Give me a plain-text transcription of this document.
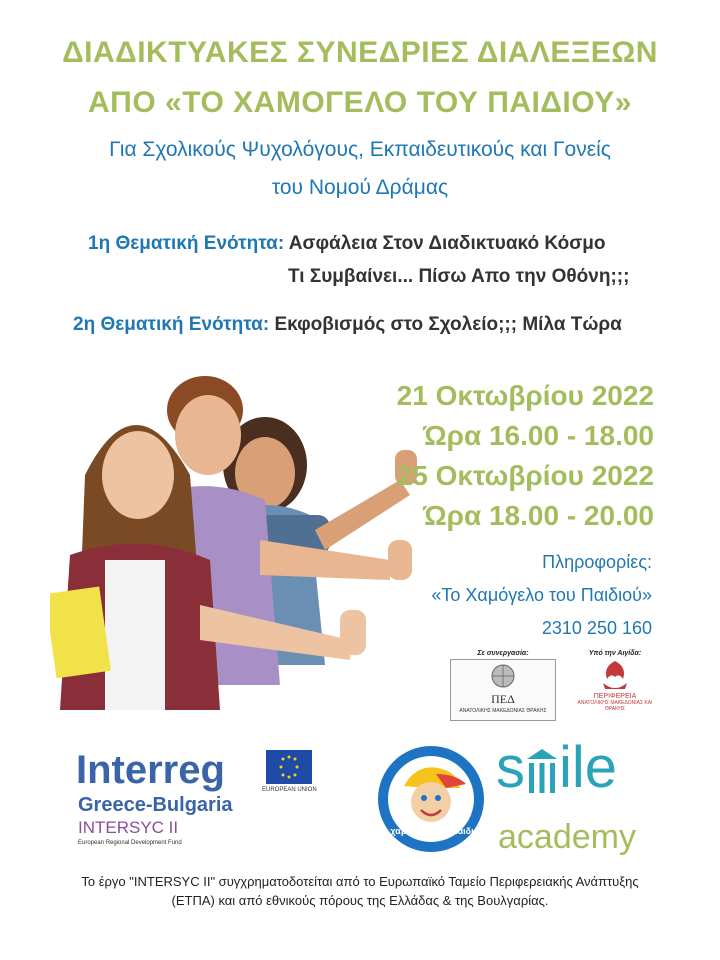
ΔΙΑΔΙΚΤΥΑΚΕΣ ΣΥΝΕΔΡΙΕΣ ΔΙΑΛΕΞΕΩΝ
ΑΠΟ «ΤΟ ΧΑΜΟΓΕΛΟ ΤΟΥ ΠΑΙΔΙΟΥ»
Για Σχολικούς Ψυχολόγους, Εκπαιδευτικούς και Γονείς
του Νομού Δράμας
1η Θεματική Ενότητα: Ασφάλεια Στον Διαδικτυακό Κόσμο
Τι Συμβαίνει... Πίσω Απο την Οθόνη;;;
2η Θεματική Ενότητα: Εκφοβισμός στο Σχολείο;;; Μίλα Τώρα
21 Οκτωβρίου 2022
Ώρα 16.00 - 18.00
25 Οκτωβρίου 2022
Ώρα 18.00 - 20.00
Πληροφορίες:
«Το Χαμόγελο του Παιδιού»
2310 250 160
Σε συνεργασία:
ΠΕΔ
ΑΝΑΤΟΛΙΚΗΣ ΜΑΚΕΔΟΝΙΑΣ ΘΡΑΚΗΣ
Υπό την Αιγίδα:
ΠΕΡΙΦΕΡΕΙΑ
ΑΝΑΤΟΛΙΚΗΣ ΜΑΚΕΔΟΝΙΑΣ ΚΑΙ ΘΡΑΚΗΣ
Interreg	EUROPEAN UNION
Greece-Bulgaria
INTERSYC II
European Regional Development Fund
Το χαμόγελο του παιδιού
s ile
academy
Το έργο "INTERSYC II" συγχρηματοδοτείται από το Ευρωπαϊκό Ταμείο Περιφερειακής Ανάπτυξης
(ΕΤΠΑ) και από εθνικούς πόρους της Ελλάδας & της Βουλγαρίας.
